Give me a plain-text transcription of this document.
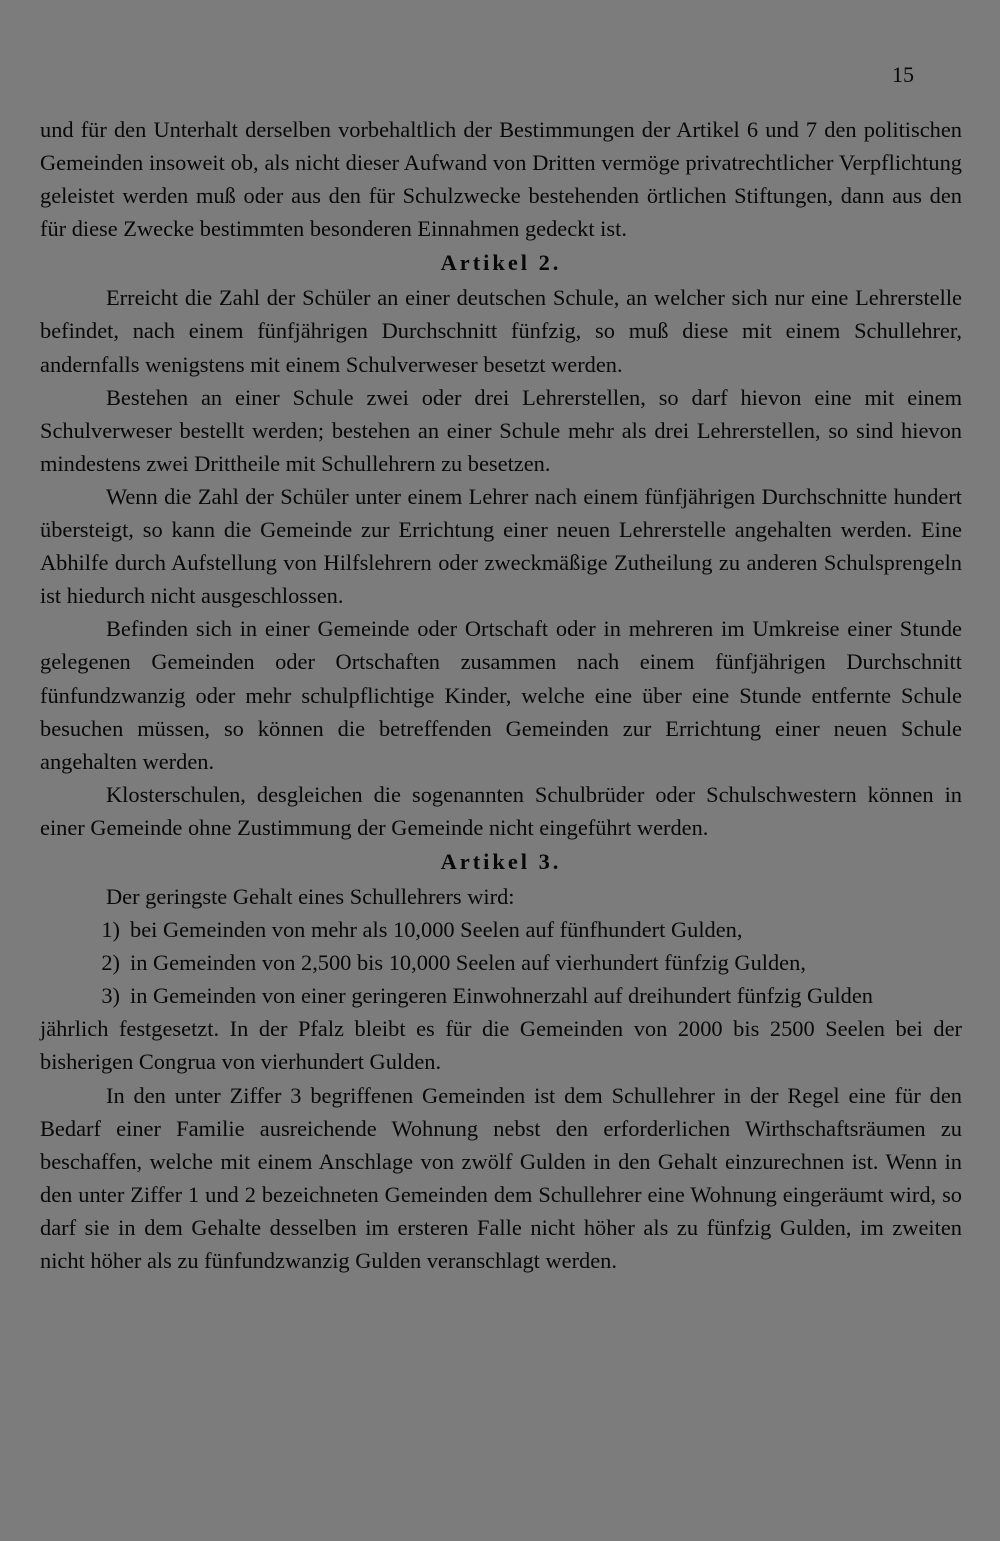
15

und für den Unterhalt derselben vorbehaltlich der Bestimmungen der Artikel 6 und 7 den politischen Gemeinden insoweit ob, als nicht dieser Aufwand von Dritten vermöge privatrechtlicher Verpflichtung geleistet werden muß oder aus den für Schulzwecke bestehenden örtlichen Stiftungen, dann aus den für diese Zwecke bestimmten besonderen Einnahmen gedeckt ist.

Artikel 2.

Erreicht die Zahl der Schüler an einer deutschen Schule, an welcher sich nur eine Lehrerstelle befindet, nach einem fünfjährigen Durchschnitt fünfzig, so muß diese mit einem Schullehrer, andernfalls wenigstens mit einem Schulverweser besetzt werden.

Bestehen an einer Schule zwei oder drei Lehrerstellen, so darf hievon eine mit einem Schulverweser bestellt werden; bestehen an einer Schule mehr als drei Lehrerstellen, so sind hievon mindestens zwei Drittheile mit Schullehrern zu besetzen.

Wenn die Zahl der Schüler unter einem Lehrer nach einem fünfjährigen Durchschnitte hundert übersteigt, so kann die Gemeinde zur Errichtung einer neuen Lehrerstelle angehalten werden. Eine Abhilfe durch Aufstellung von Hilfslehrern oder zweckmäßige Zutheilung zu anderen Schulsprengeln ist hiedurch nicht ausgeschlossen.

Befinden sich in einer Gemeinde oder Ortschaft oder in mehreren im Umkreise einer Stunde gelegenen Gemeinden oder Ortschaften zusammen nach einem fünfjährigen Durchschnitt fünfundzwanzig oder mehr schulpflichtige Kinder, welche eine über eine Stunde entfernte Schule besuchen müssen, so können die betreffenden Gemeinden zur Errichtung einer neuen Schule angehalten werden.

Klosterschulen, desgleichen die sogenannten Schulbrüder oder Schulschwestern können in einer Gemeinde ohne Zustimmung der Gemeinde nicht eingeführt werden.

Artikel 3.

Der geringste Gehalt eines Schullehrers wird:

1) bei Gemeinden von mehr als 10,000 Seelen auf fünfhundert Gulden,
2) in Gemeinden von 2,500 bis 10,000 Seelen auf vierhundert fünfzig Gulden,
3) in Gemeinden von einer geringeren Einwohnerzahl auf dreihundert fünfzig Gulden

jährlich festgesetzt. In der Pfalz bleibt es für die Gemeinden von 2000 bis 2500 Seelen bei der bisherigen Congrua von vierhundert Gulden.

In den unter Ziffer 3 begriffenen Gemeinden ist dem Schullehrer in der Regel eine für den Bedarf einer Familie ausreichende Wohnung nebst den erforderlichen Wirthschaftsräumen zu beschaffen, welche mit einem Anschlage von zwölf Gulden in den Gehalt einzurechnen ist. Wenn in den unter Ziffer 1 und 2 bezeichneten Gemeinden dem Schullehrer eine Wohnung eingeräumt wird, so darf sie in dem Gehalte desselben im ersteren Falle nicht höher als zu fünfzig Gulden, im zweiten nicht höher als zu fünfundzwanzig Gulden veranschlagt werden.
